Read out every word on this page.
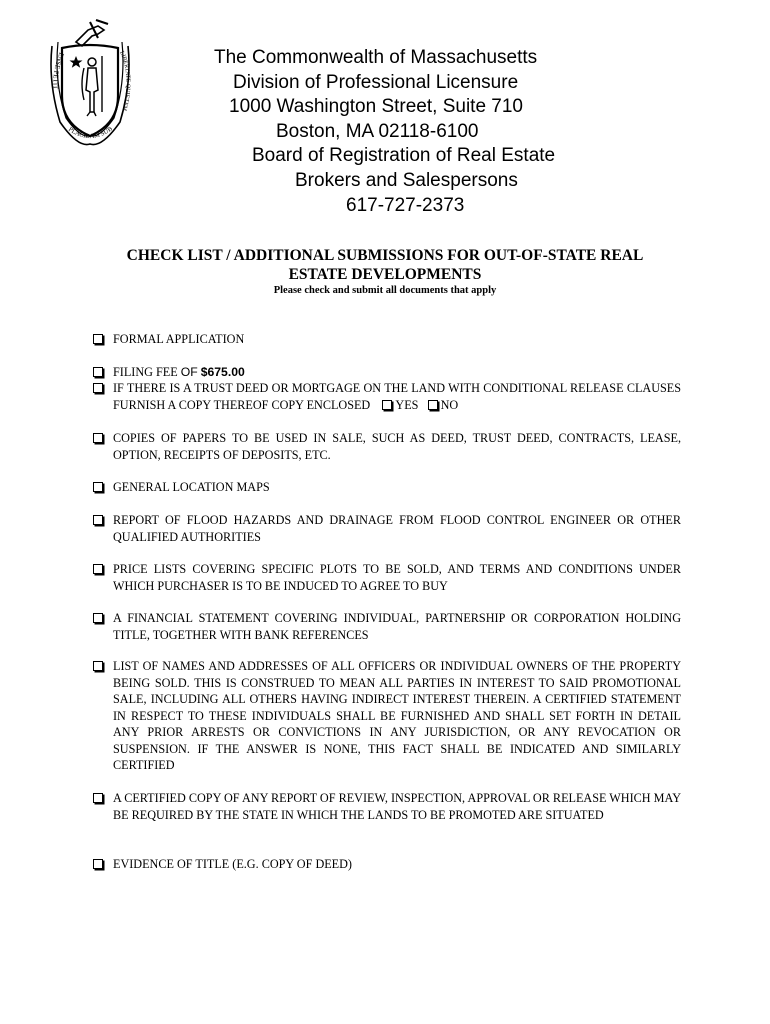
ENSE PETIT
PLACIDAM SUB
LIBERTATE QUIETEM
The Commonwealth of Massachusetts
Division of Professional Licensure
1000 Washington Street, Suite 710
Boston, MA 02118-6100
Board of Registration of Real Estate
Brokers and Salespersons
617-727-2373
CHECK LIST / ADDITIONAL SUBMISSIONS FOR OUT-OF-STATE REAL
ESTATE DEVELOPMENTS
Please check and submit all documents that apply
FORMAL APPLICATION
FILING FEE OF $675.00
IF THERE IS A TRUST DEED OR MORTGAGE ON THE LAND WITH CONDITIONAL RELEASE CLAUSES FURNISH A COPY THEREOF COPY ENCLOSED YES NO
COPIES OF PAPERS TO BE USED IN SALE, SUCH AS DEED, TRUST DEED, CONTRACTS, LEASE, OPTION, RECEIPTS OF DEPOSITS, ETC.
GENERAL LOCATION MAPS
REPORT OF FLOOD HAZARDS AND DRAINAGE FROM FLOOD CONTROL ENGINEER OR OTHER QUALIFIED AUTHORITIES
PRICE LISTS COVERING SPECIFIC PLOTS TO BE SOLD, AND TERMS AND CONDITIONS UNDER WHICH PURCHASER IS TO BE INDUCED TO AGREE TO BUY
A FINANCIAL STATEMENT COVERING INDIVIDUAL, PARTNERSHIP OR CORPORATION HOLDING TITLE, TOGETHER WITH BANK REFERENCES
LIST OF NAMES AND ADDRESSES OF ALL OFFICERS OR INDIVIDUAL OWNERS OF THE PROPERTY BEING SOLD. THIS IS CONSTRUED TO MEAN ALL PARTIES IN INTEREST TO SAID PROMOTIONAL SALE, INCLUDING ALL OTHERS HAVING INDIRECT INTEREST THEREIN. A CERTIFIED STATEMENT IN RESPECT TO THESE INDIVIDUALS SHALL BE FURNISHED AND SHALL SET FORTH IN DETAIL ANY PRIOR ARRESTS OR CONVICTIONS IN ANY JURISDICTION, OR ANY REVOCATION OR SUSPENSION. IF THE ANSWER IS NONE, THIS FACT SHALL BE INDICATED AND SIMILARLY CERTIFIED
A CERTIFIED COPY OF ANY REPORT OF REVIEW, INSPECTION, APPROVAL OR RELEASE WHICH MAY BE REQUIRED BY THE STATE IN WHICH THE LANDS TO BE PROMOTED ARE SITUATED
EVIDENCE OF TITLE (E.G. COPY OF DEED)
